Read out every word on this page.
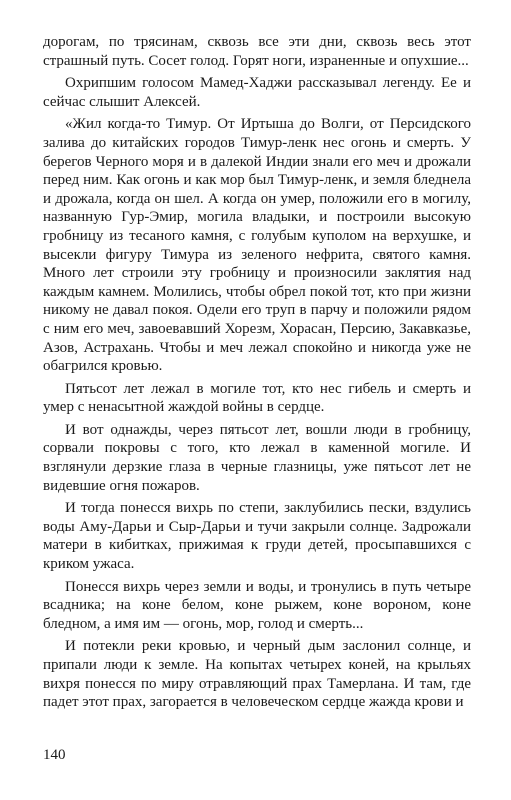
дорогам, по трясинам, сквозь все эти дни, сквозь весь этот страшный путь. Сосет голод. Горят ноги, израненные и опухшие...

Охрипшим голосом Мамед-Хаджи рассказывал легенду. Ее и сейчас слышит Алексей.

«Жил когда-то Тимур. От Иртыша до Волги, от Персидского залива до китайских городов Тимур-ленк нес огонь и смерть. У берегов Черного моря и в далекой Индии знали его меч и дрожали перед ним. Как огонь и как мор был Тимур-ленк, и земля бледнела и дрожала, когда он шел. А когда он умер, положили его в могилу, названную Гур-Эмир, могила владыки, и построили высокую гробницу из тесаного камня, с голубым куполом на верхушке, и высекли фигуру Тимура из зеленого нефрита, святого камня. Много лет строили эту гробницу и произносили заклятия над каждым камнем. Молились, чтобы обрел покой тот, кто при жизни никому не давал покоя. Одели его труп в парчу и положили рядом с ним его меч, завоевавший Хорезм, Хорасан, Персию, Закавказье, Азов, Астрахань. Чтобы и меч лежал спокойно и никогда уже не обагрился кровью.

Пятьсот лет лежал в могиле тот, кто нес гибель и смерть и умер с ненасытной жаждой войны в сердце.

И вот однажды, через пятьсот лет, вошли люди в гробницу, сорвали покровы с того, кто лежал в каменной могиле. И взглянули дерзкие глаза в черные глазницы, уже пятьсот лет не видевшие огня пожаров.

И тогда понесся вихрь по степи, заклубились пески, вздулись воды Аму-Дарьи и Сыр-Дарьи и тучи закрыли солнце. Задрожали матери в кибитках, прижимая к груди детей, просыпавшихся с криком ужаса.

Понесся вихрь через земли и воды, и тронулись в путь четыре всадника; на коне белом, коне рыжем, коне вороном, коне бледном, а имя им — огонь, мор, голод и смерть...

И потекли реки кровью, и черный дым заслонил солнце, и припали люди к земле. На копытах четырех коней, на крыльях вихря понесся по миру отравляющий прах Тамерлана. И там, где падет этот прах, загорается в человеческом сердце жажда крови и

140
